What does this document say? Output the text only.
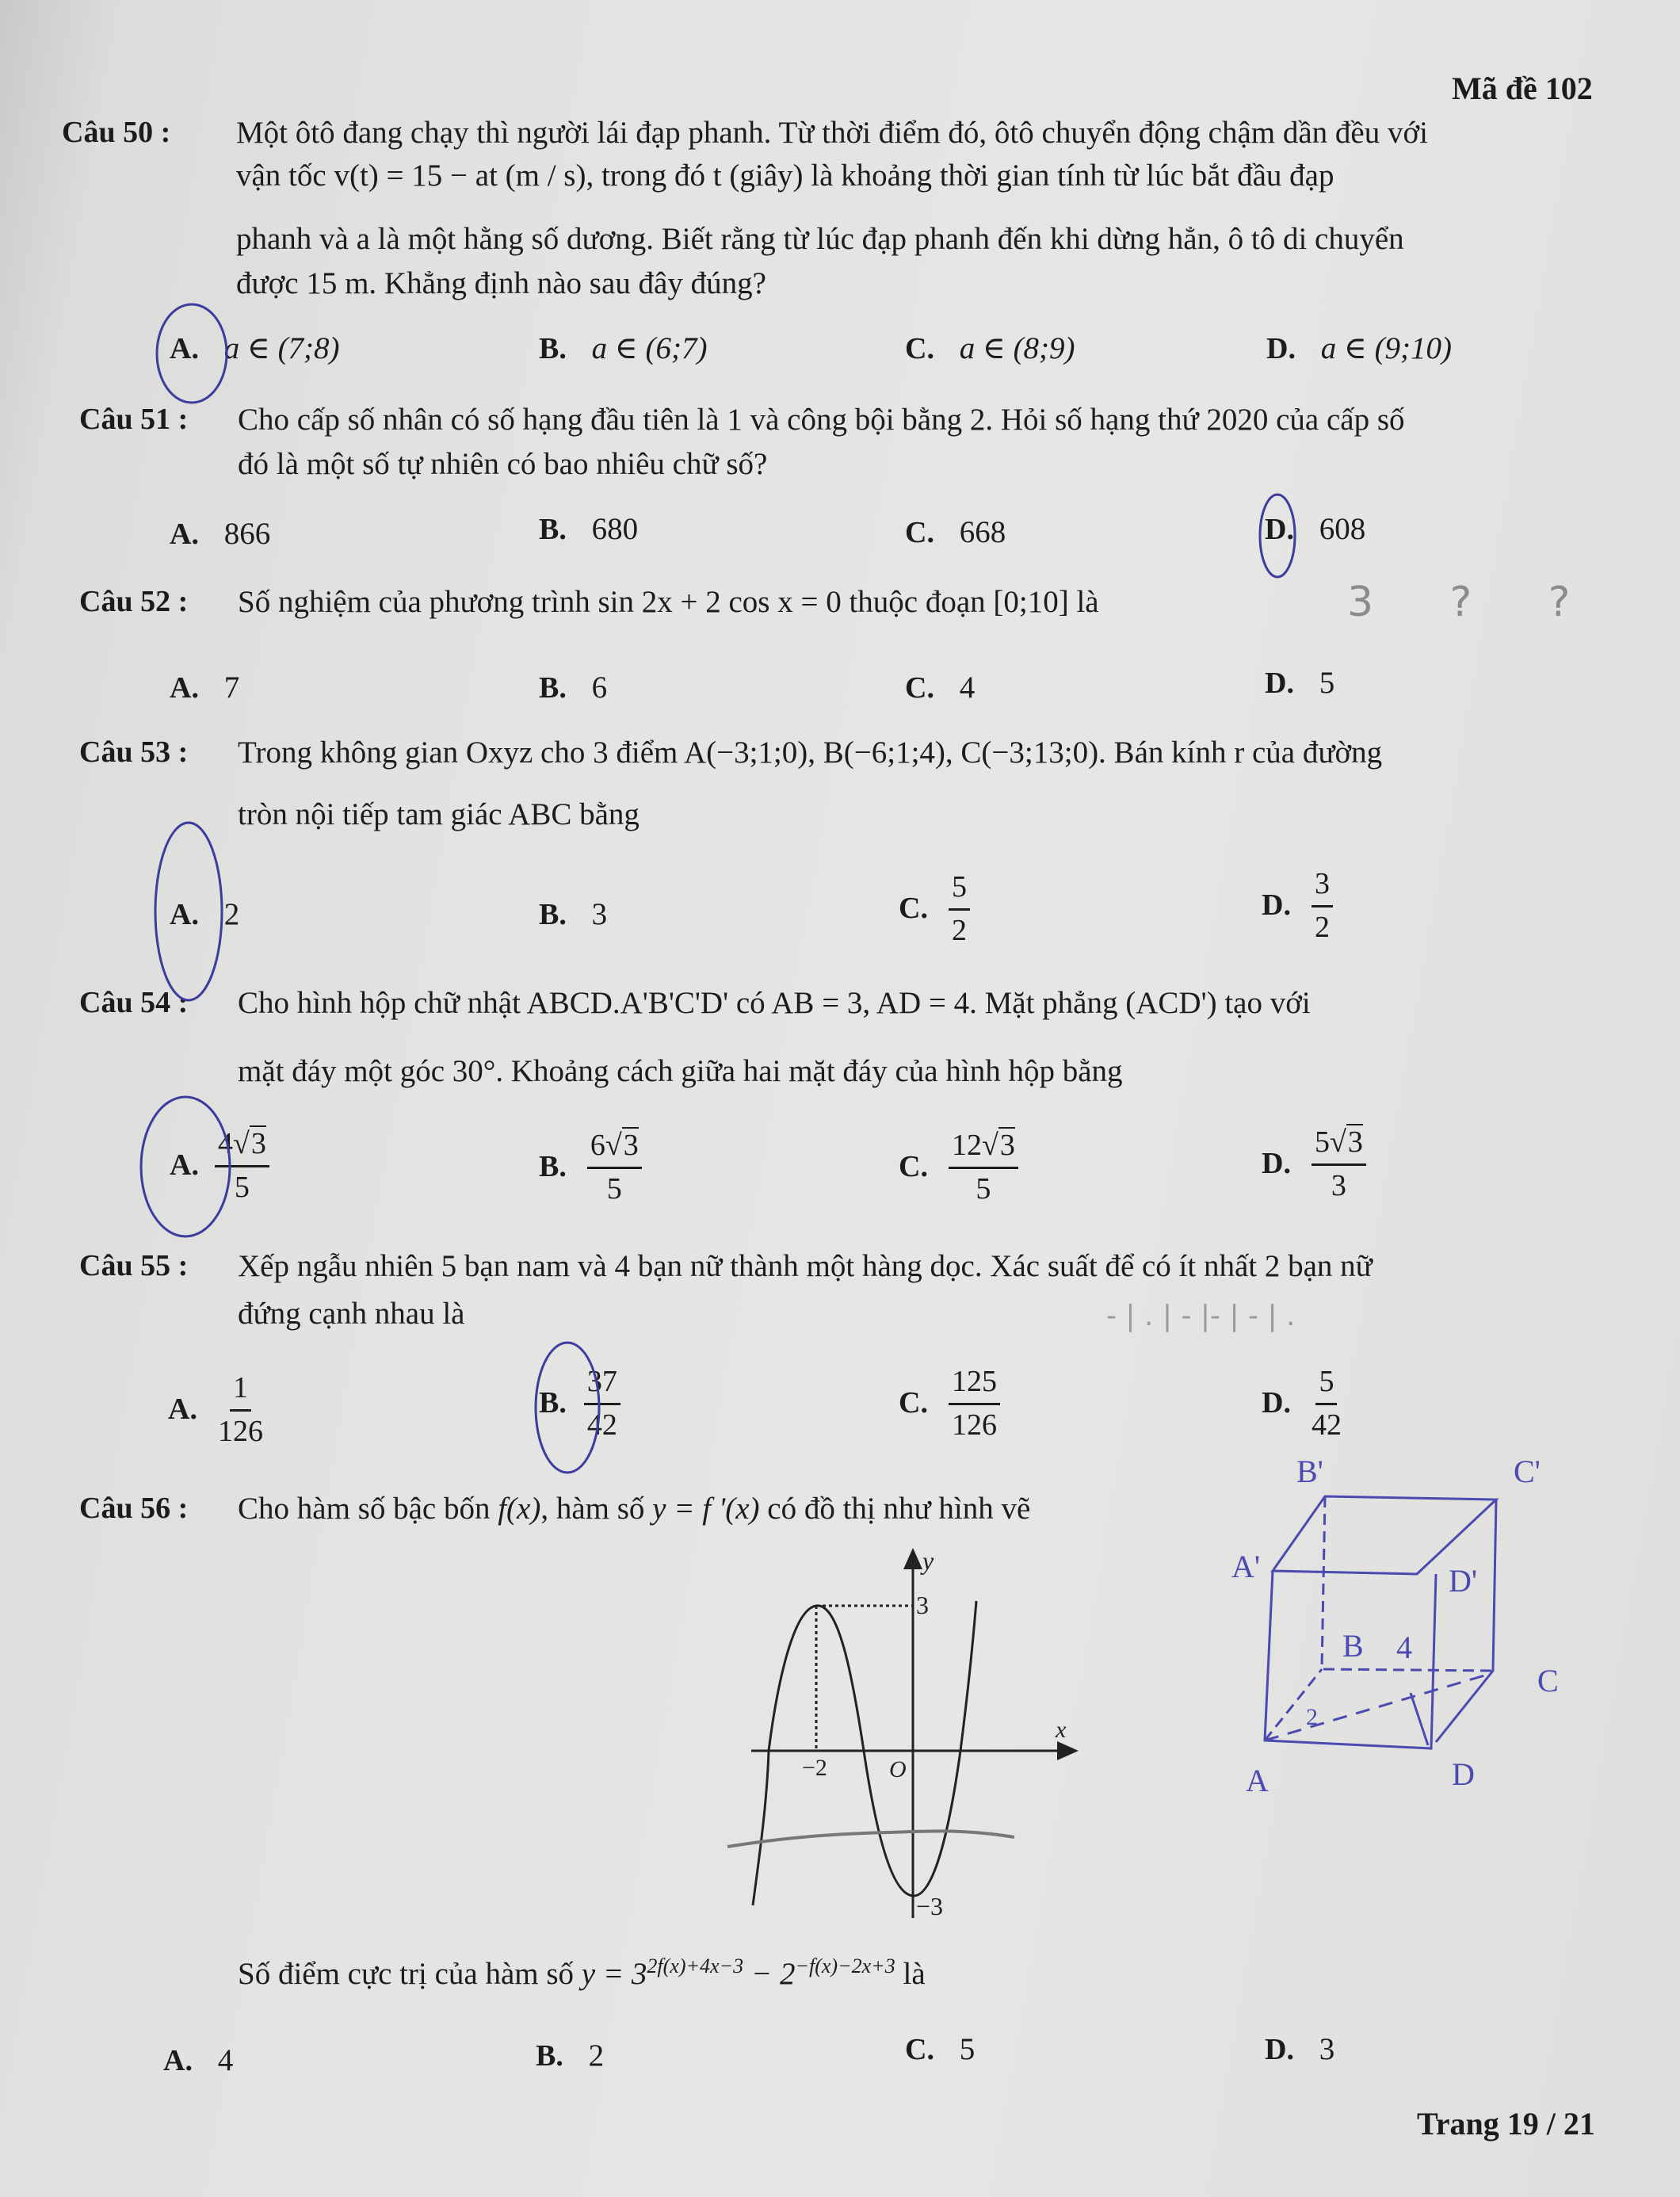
Mã đề 102
Câu 50 : Một ôtô đang chạy thì người lái đạp phanh. Từ thời điểm đó, ôtô chuyển động chậm dần đều với
vận tốc v(t) = 15 − at (m / s), trong đó t (giây) là khoảng thời gian tính từ lúc bắt đầu đạp
phanh và a là một hằng số dương. Biết rằng từ lúc đạp phanh đến khi dừng hẳn, ô tô di chuyển
được 15 m. Khẳng định nào sau đây đúng?
A. a ∈ (7;8)	B. a ∈ (6;7)	C. a ∈ (8;9)	D. a ∈ (9;10)
Câu 51 : Cho cấp số nhân có số hạng đầu tiên là 1 và công bội bằng 2. Hỏi số hạng thứ 2020 của cấp số
đó là một số tự nhiên có bao nhiêu chữ số?
A. 866	B. 680	C. 668	D. 608
Câu 52 : Số nghiệm của phương trình sin 2x + 2 cos x = 0 thuộc đoạn [0;10] là	3 ? ?
A. 7	B. 6	C. 4	D. 5
Câu 53 : Trong không gian Oxyz cho 3 điểm A(−3;1;0), B(−6;1;4), C(−3;13;0). Bán kính r của đường
tròn nội tiếp tam giác ABC bằng
A. 2	B. 3	C. $\frac{5}{2}$	D. $\frac{3}{2}$
Câu 54 : Cho hình hộp chữ nhật ABCD.A'B'C'D' có AB = 3, AD = 4. Mặt phẳng (ACD') tạo với
mặt đáy một góc 30°. Khoảng cách giữa hai mặt đáy của hình hộp bằng
A. $\frac{4√3}{5}$	B. $\frac{6√3}{5}$	C. $\frac{12√3}{5}$	D. $\frac{5√3}{3}$
Câu 55 : Xếp ngẫu nhiên 5 bạn nam và 4 bạn nữ thành một hàng dọc. Xác suất để có ít nhất 2 bạn nữ
đứng cạnh nhau là	- | . | - |- | - | .
A. $\frac{1}{126}$	B. $\frac{37}{42}$	C. $\frac{125}{126}$	D. $\frac{5}{42}$
Câu 56 : Cho hàm số bậc bốn f(x), hàm số y = f '(x) có đồ thị như hình vẽ
y
x
3
−2	O
−3
B'	C'
A'	D'
B 4
C
2
A	D
Số điểm cực trị của hàm số $y = 3^{2f(x)+4x-3} - 2^{-f(x)-2x+3}$ là
A. 4	B. 2	C. 5	D. 3
Trang 19 / 21
